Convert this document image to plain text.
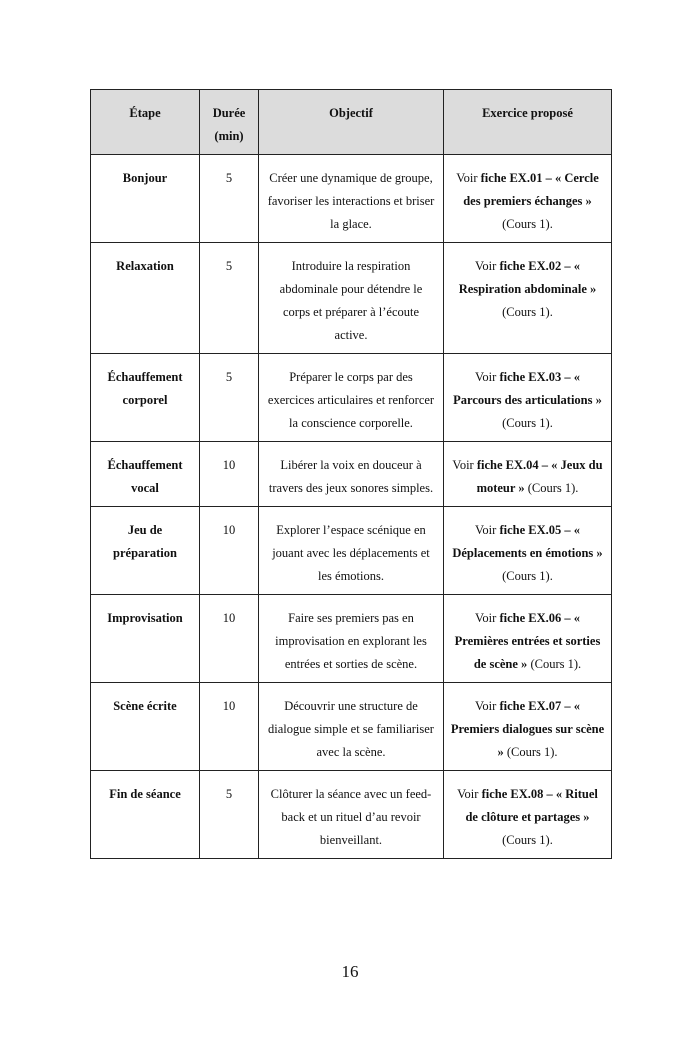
Étape	Durée (min)	Objectif	Exercice proposé
Bonjour	5	Créer une dynamique de groupe, favoriser les interactions et briser la glace.	Voir fiche EX.01 – « Cercle des premiers échanges » (Cours 1).
Relaxation	5	Introduire la respiration abdominale pour détendre le corps et préparer à l’écoute active.	Voir fiche EX.02 – « Respiration abdominale » (Cours 1).
Échauffement corporel	5	Préparer le corps par des exercices articulaires et renforcer la conscience corporelle.	Voir fiche EX.03 – « Parcours des articulations » (Cours 1).
Échauffement vocal	10	Libérer la voix en douceur à travers des jeux sonores simples.	Voir fiche EX.04 – « Jeux du moteur » (Cours 1).
Jeu de préparation	10	Explorer l’espace scénique en jouant avec les déplacements et les émotions.	Voir fiche EX.05 – « Déplacements en émotions » (Cours 1).
Improvisation	10	Faire ses premiers pas en improvisation en explorant les entrées et sorties de scène.	Voir fiche EX.06 – « Premières entrées et sorties de scène » (Cours 1).
Scène écrite	10	Découvrir une structure de dialogue simple et se familiariser avec la scène.	Voir fiche EX.07 – « Premiers dialogues sur scène » (Cours 1).
Fin de séance	5	Clôturer la séance avec un feed-back et un rituel d’au revoir bienveillant.	Voir fiche EX.08 – « Rituel de clôture et partages » (Cours 1).
16
